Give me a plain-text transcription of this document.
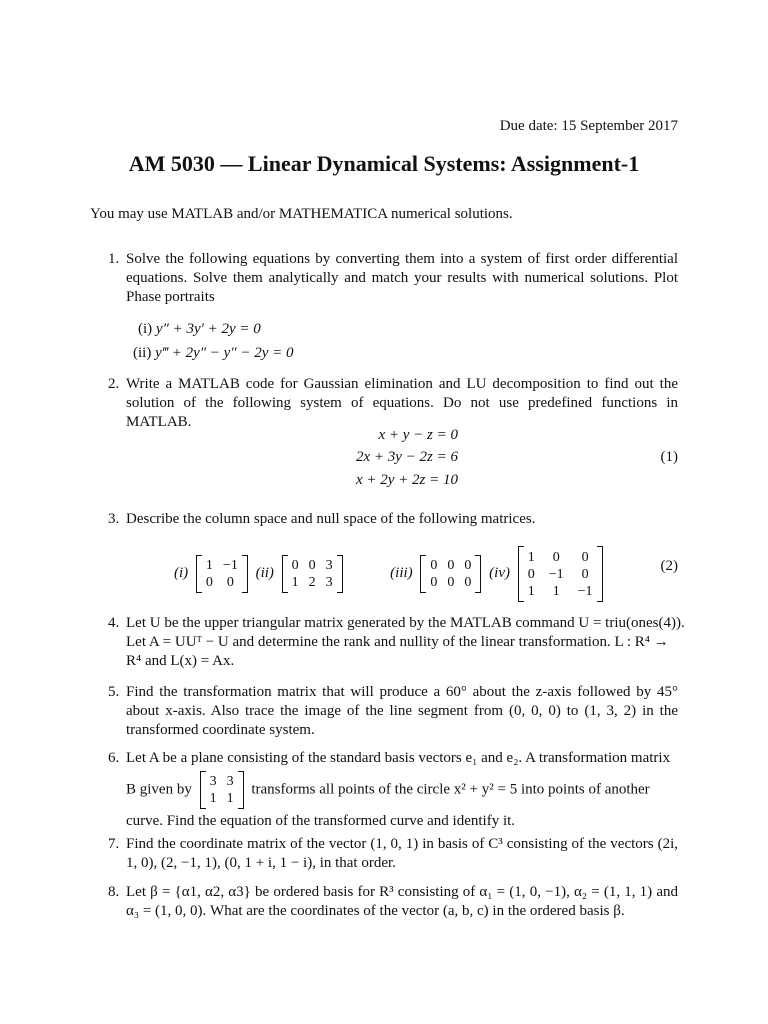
Due date: 15 September 2017
AM 5030 — Linear Dynamical Systems: Assignment-1
You may use MATLAB and/or MATHEMATICA numerical solutions.
1. Solve the following equations by converting them into a system of first order differential equations. Solve them analytically and match your results with numerical solutions. Plot Phase portraits
(i) y″ + 3y′ + 2y = 0
(ii) y‴ + 2y″ − y″ − 2y = 0
2. Write a MATLAB code for Gaussian elimination and LU decomposition to find out the solution of the following system of equations. Do not use predefined functions in MATLAB.
x + y − z = 0
2x + 3y − 2z = 6
x + 2y + 2z = 10
(1)
3. Describe the column space and null space of the following matrices.
(i) 1 −1
0 0
(ii) 0 0 3
1 2 3
(iii) 0 0 0
0 0 0
(iv)
1 0 0
0 −1 0
1 1 −1
(2)
4. Let U be the upper triangular matrix generated by the MATLAB command U = triu(ones(4)).
Let A = UUᵀ − U and determine the rank and nullity of the linear transformation. L : R⁴ →
R⁴ and L(x) = Ax.
5. Find the transformation matrix that will produce a 60° about the z-axis followed by 45° about x-axis. Also trace the image of the line segment from (0, 0, 0) to (1, 3, 2) in the transformed coordinate system.
6. Let A be a plane consisting of the standard basis vectors e₁ and e₂. A transformation matrix
B given by 3 3
1 1
transforms all points of the circle x² + y² = 5 into points of another
curve. Find the equation of the transformed curve and identify it.
7. Find the coordinate matrix of the vector (1, 0, 1) in basis of C³ consisting of the vectors (2i, 1, 0), (2, −1, 1), (0, 1 + i, 1 − i), in that order.
8. Let β = {α1, α2, α3} be ordered basis for R³ consisting of α₁ = (1, 0, −1), α₂ = (1, 1, 1) and α₃ = (1, 0, 0). What are the coordinates of the vector (a, b, c) in the ordered basis β.
